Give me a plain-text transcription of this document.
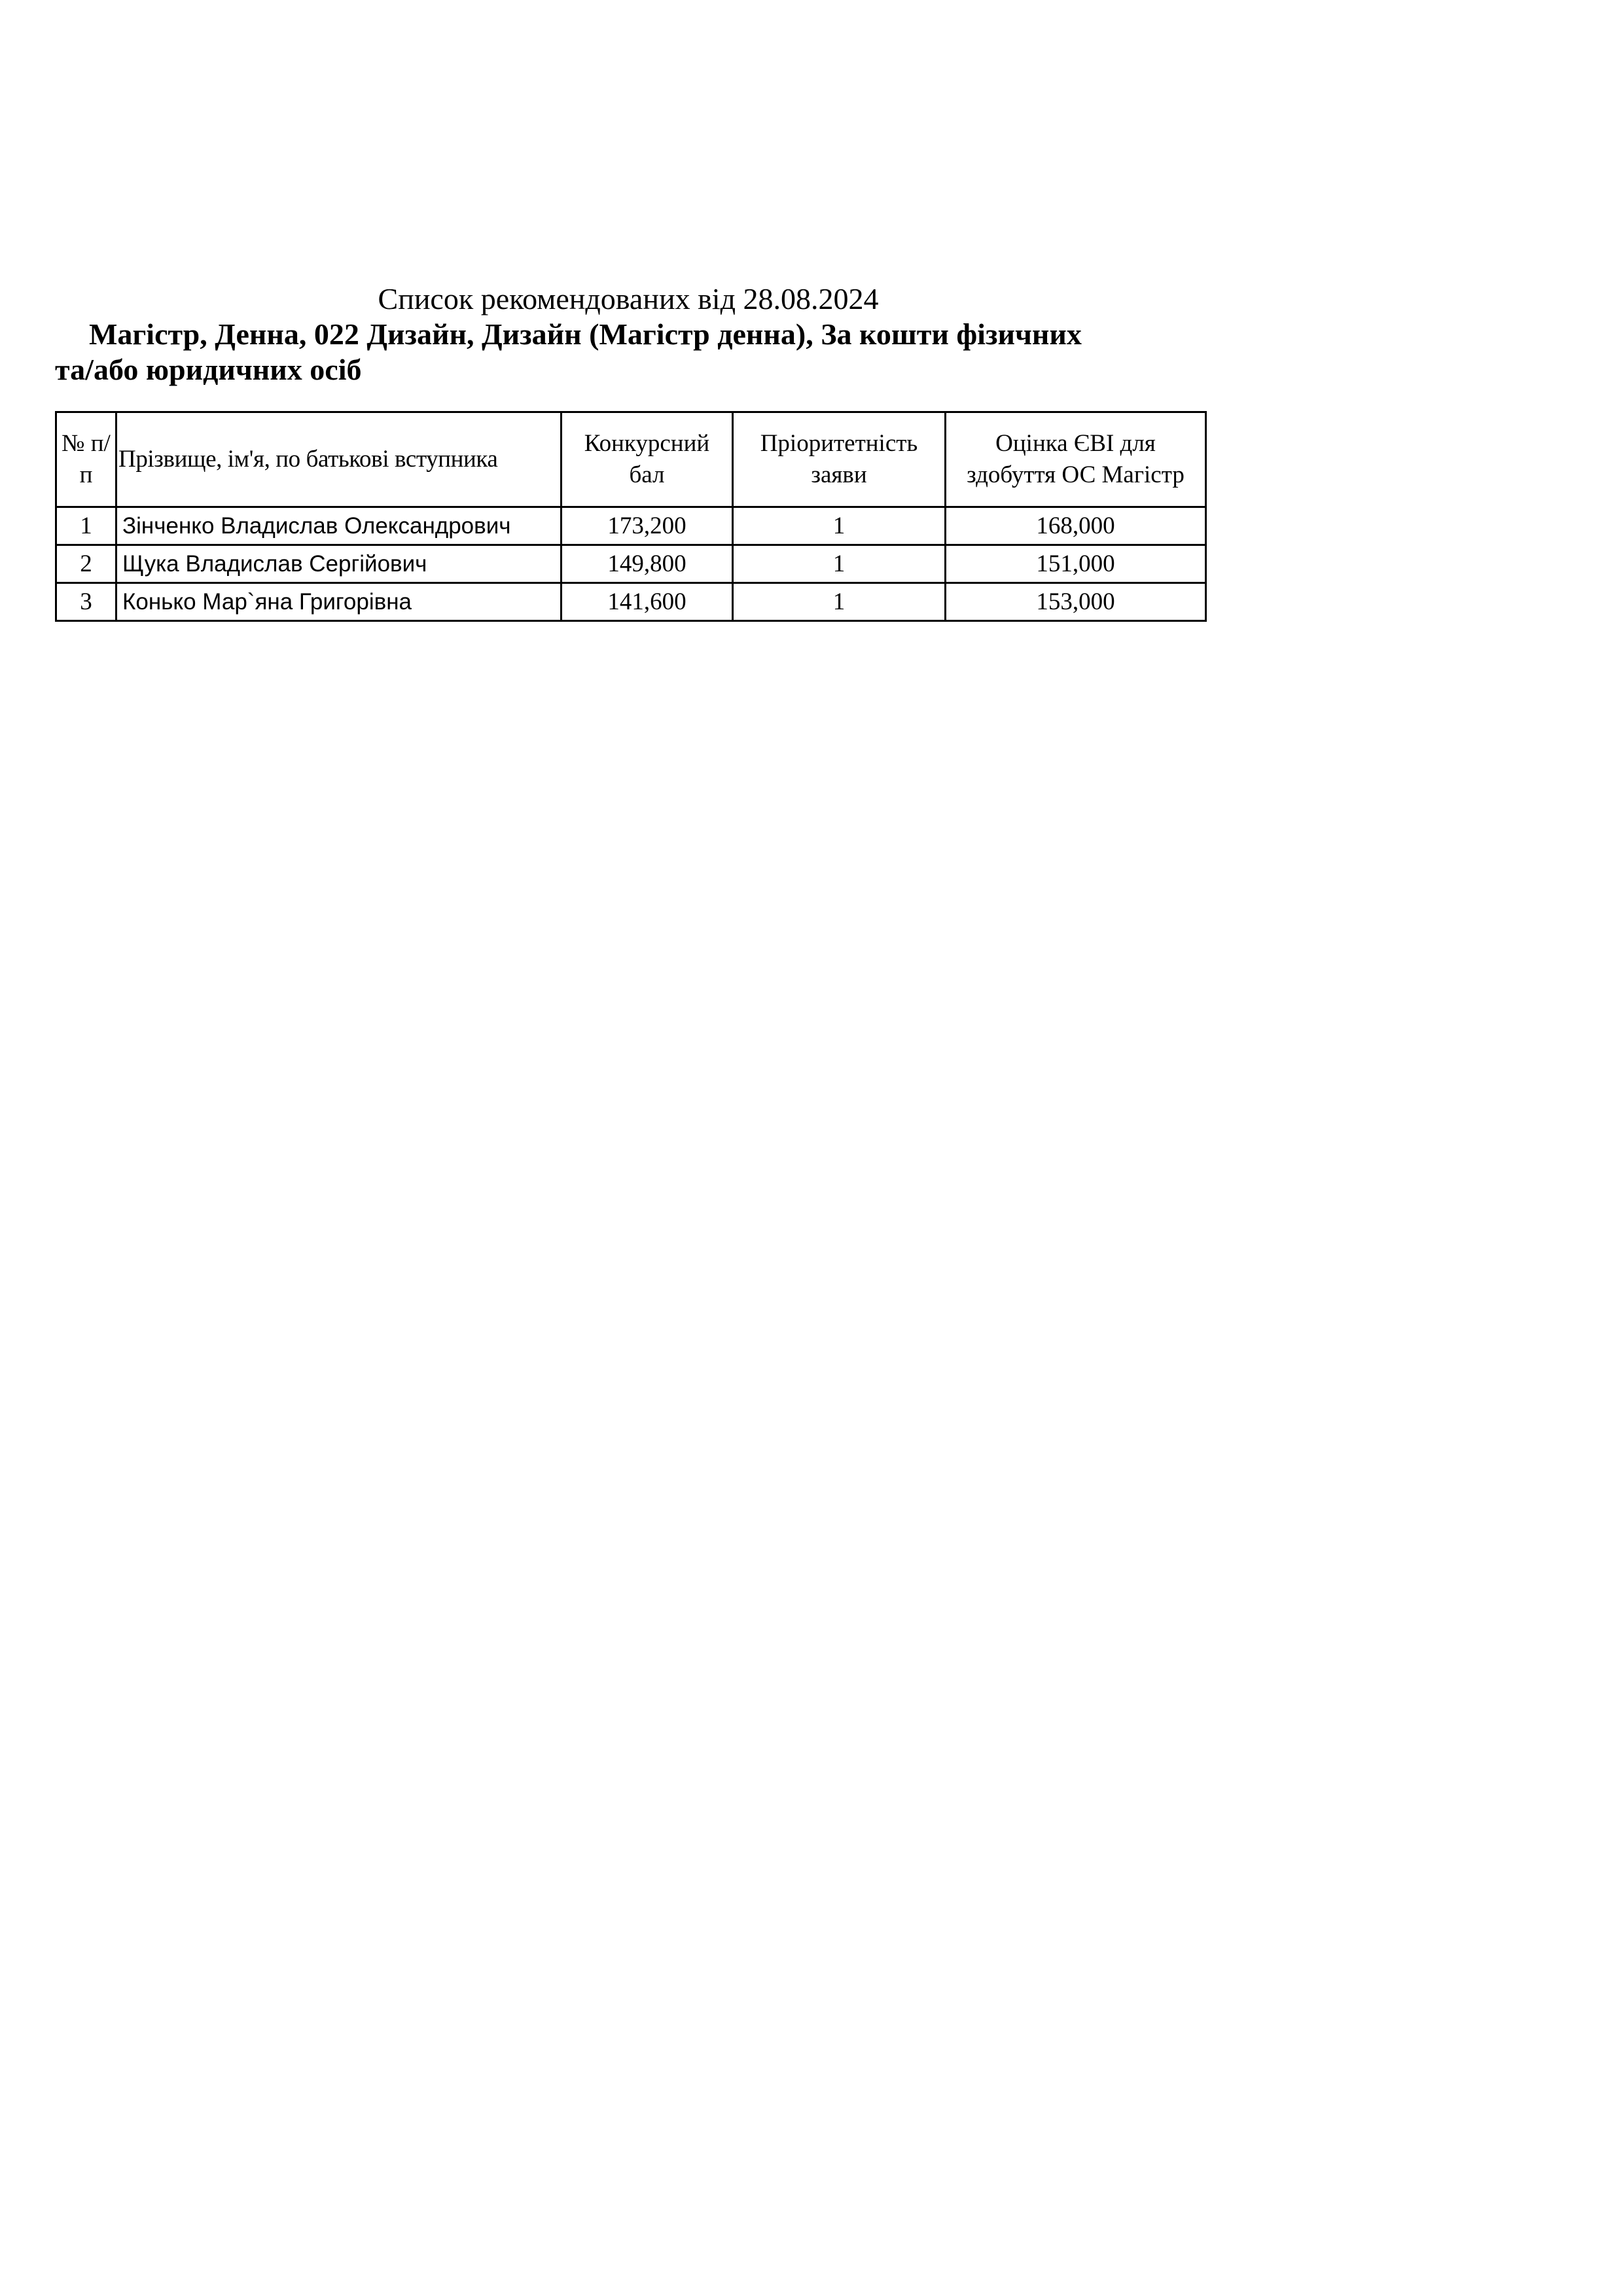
Список рекомендованих від 28.08.2024
Магістр, Денна, 022 Дизайн, Дизайн (Магістр денна), За кошти фізичних
та/або юридичних осіб
№ п/п	Прізвище, ім'я, по батькові вступника	Конкурсний бал	Пріоритетність заяви	Оцінка ЄВІ для здобуття ОС Магістр
1	Зінченко Владислав Олександрович	173,200	1	168,000
2	Щука Владислав Сергійович	149,800	1	151,000
3	Конько Мар`яна Григорівна	141,600	1	153,000
